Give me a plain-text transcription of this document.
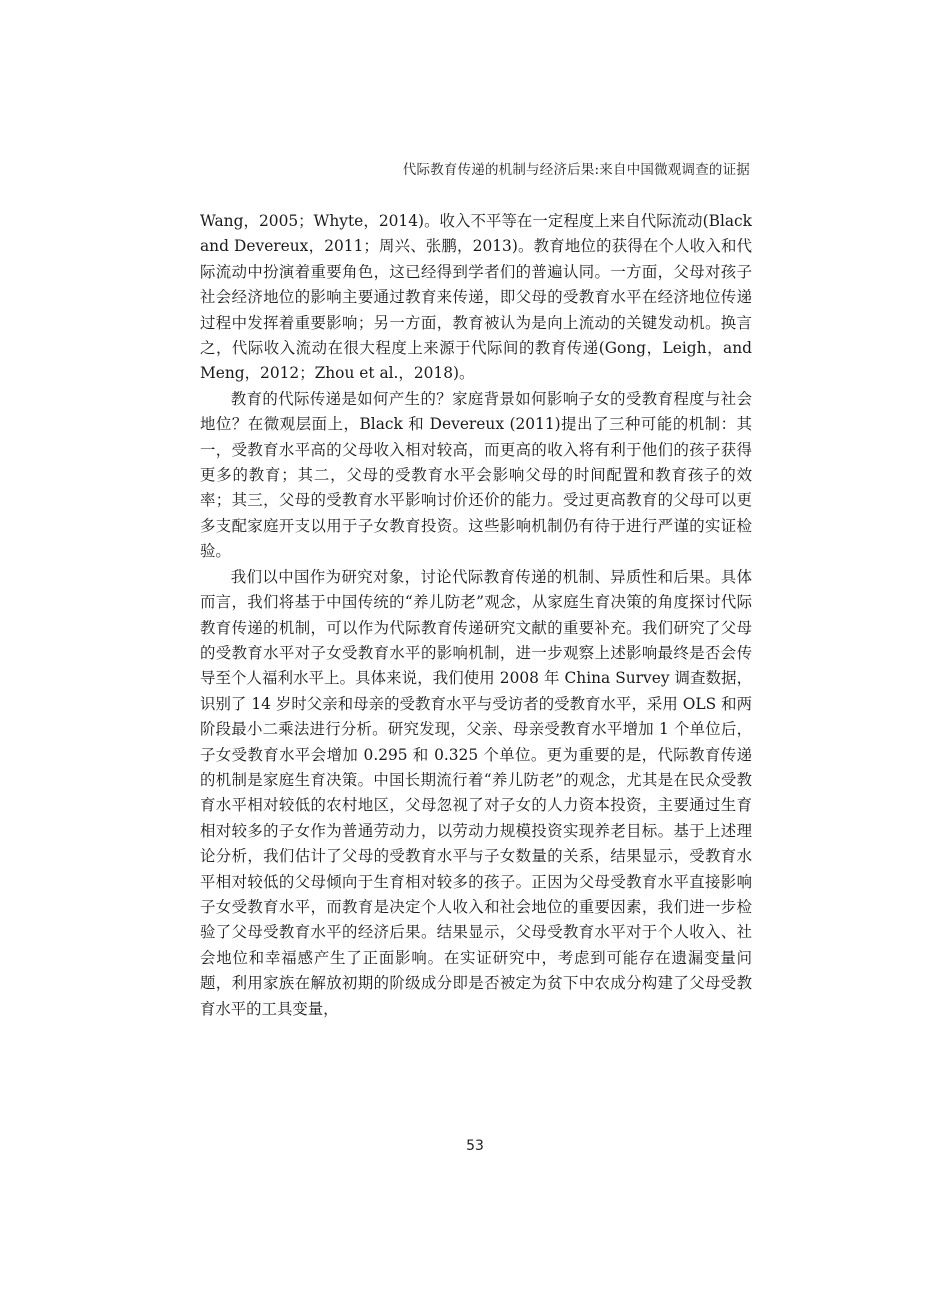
代际教育传递的机制与经济后果:来自中国微观调查的证据

Wang，2005；Whyte，2014)。收入不平等在一定程度上来自代际流动(Black and Devereux，2011；周兴、张鹏，2013)。教育地位的获得在个人收入和代际流动中扮演着重要角色，这已经得到学者们的普遍认同。一方面，父母对孩子社会经济地位的影响主要通过教育来传递，即父母的受教育水平在经济地位传递过程中发挥着重要影响；另一方面，教育被认为是向上流动的关键发动机。换言之，代际收入流动在很大程度上来源于代际间的教育传递(Gong，Leigh，and Meng，2012；Zhou et al.，2018)。

教育的代际传递是如何产生的？家庭背景如何影响子女的受教育程度与社会地位？在微观层面上，Black 和 Devereux (2011)提出了三种可能的机制：其一，受教育水平高的父母收入相对较高，而更高的收入将有利于他们的孩子获得更多的教育；其二，父母的受教育水平会影响父母的时间配置和教育孩子的效率；其三，父母的受教育水平影响讨价还价的能力。受过更高教育的父母可以更多支配家庭开支以用于子女教育投资。这些影响机制仍有待于进行严谨的实证检验。

我们以中国作为研究对象，讨论代际教育传递的机制、异质性和后果。具体而言，我们将基于中国传统的“养儿防老”观念，从家庭生育决策的角度探讨代际教育传递的机制，可以作为代际教育传递研究文献的重要补充。我们研究了父母的受教育水平对子女受教育水平的影响机制，进一步观察上述影响最终是否会传导至个人福利水平上。具体来说，我们使用 2008 年 China Survey 调查数据，识别了 14 岁时父亲和母亲的受教育水平与受访者的受教育水平，采用 OLS 和两阶段最小二乘法进行分析。研究发现，父亲、母亲受教育水平增加 1 个单位后，子女受教育水平会增加 0.295 和 0.325 个单位。更为重要的是，代际教育传递的机制是家庭生育决策。中国长期流行着“养儿防老”的观念，尤其是在民众受教育水平相对较低的农村地区，父母忽视了对子女的人力资本投资，主要通过生育相对较多的子女作为普通劳动力，以劳动力规模投资实现养老目标。基于上述理论分析，我们估计了父母的受教育水平与子女数量的关系，结果显示，受教育水平相对较低的父母倾向于生育相对较多的孩子。正因为父母受教育水平直接影响子女受教育水平，而教育是决定个人收入和社会地位的重要因素，我们进一步检验了父母受教育水平的经济后果。结果显示，父母受教育水平对于个人收入、社会地位和幸福感产生了正面影响。在实证研究中，考虑到可能存在遗漏变量问题，利用家族在解放初期的阶级成分即是否被定为贫下中农成分构建了父母受教育水平的工具变量，

53
